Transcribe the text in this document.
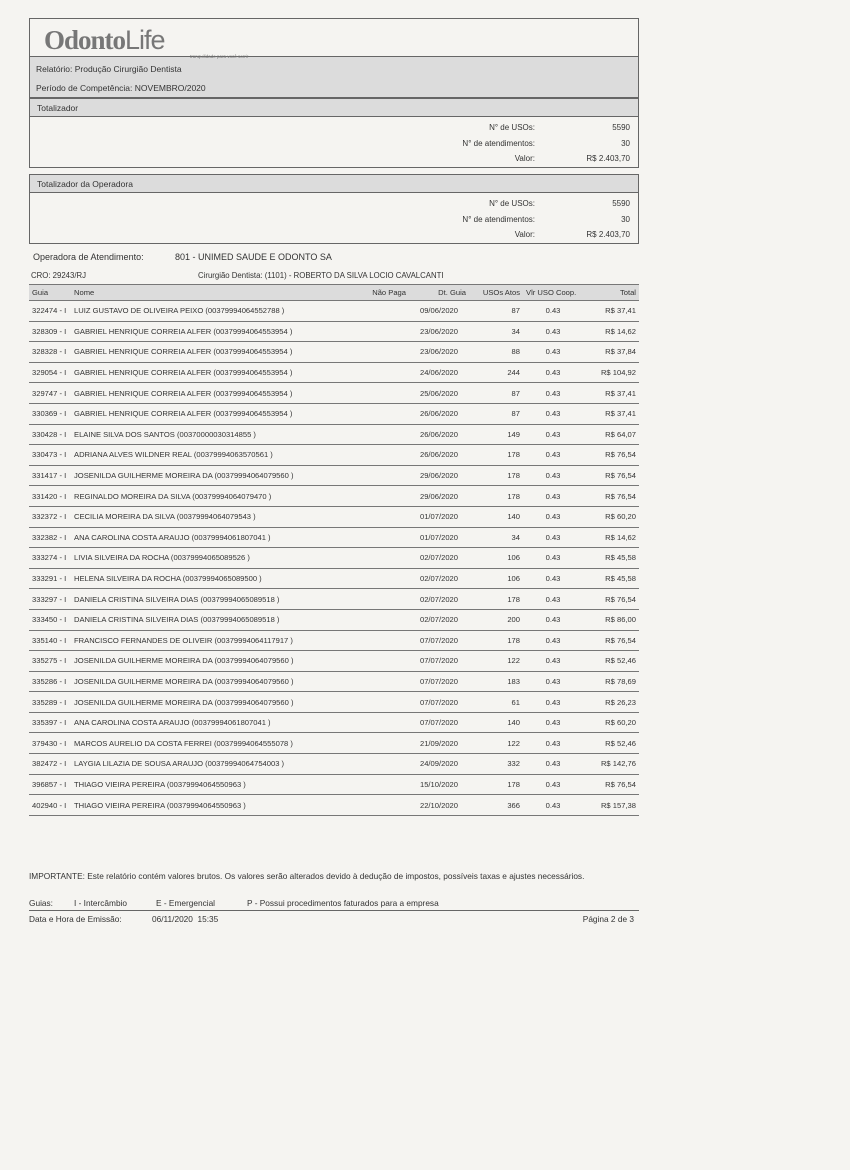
OdontoLife
tranquilidade para você sorrir
Relatório: Produção Cirurgião Dentista
Período de Competência: NOVEMBRO/2020
Totalizador
N° de USOs:	5590
N° de atendimentos:	30
Valor:	R$ 2.403,70
Totalizador da Operadora
N° de USOs:	5590
N° de atendimentos:	30
Valor:	R$ 2.403,70
Operadora de Atendimento:	801 - UNIMED SAUDE E ODONTO SA
CRO: 29243/RJ	Cirurgião Dentista: (1101) - ROBERTO DA SILVA LOCIO CAVALCANTI
Guia	Nome	Não Paga	Dt. Guia	USOs Atos	Vlr USO Coop.	Total
322474 - I	LUIZ GUSTAVO DE OLIVEIRA PEIXO (00379994064552788 )		09/06/2020	87	0.43	R$ 37,41
328309 - I	GABRIEL HENRIQUE CORREIA ALFER (00379994064553954 )		23/06/2020	34	0.43	R$ 14,62
328328 - I	GABRIEL HENRIQUE CORREIA ALFER (00379994064553954 )		23/06/2020	88	0.43	R$ 37,84
329054 - I	GABRIEL HENRIQUE CORREIA ALFER (00379994064553954 )		24/06/2020	244	0.43	R$ 104,92
329747 - I	GABRIEL HENRIQUE CORREIA ALFER (00379994064553954 )		25/06/2020	87	0.43	R$ 37,41
330369 - I	GABRIEL HENRIQUE CORREIA ALFER (00379994064553954 )		26/06/2020	87	0.43	R$ 37,41
330428 - I	ELAINE SILVA DOS SANTOS (00370000030314855 )		26/06/2020	149	0.43	R$ 64,07
330473 - I	ADRIANA ALVES WILDNER REAL (00379994063570561 )		26/06/2020	178	0.43	R$ 76,54
331417 - I	JOSENILDA GUILHERME MOREIRA DA (00379994064079560 )		29/06/2020	178	0.43	R$ 76,54
331420 - I	REGINALDO MOREIRA DA SILVA (00379994064079470 )		29/06/2020	178	0.43	R$ 76,54
332372 - I	CECILIA MOREIRA DA SILVA (00379994064079543 )		01/07/2020	140	0.43	R$ 60,20
332382 - I	ANA CAROLINA COSTA ARAUJO (00379994061807041 )		01/07/2020	34	0.43	R$ 14,62
333274 - I	LIVIA SILVEIRA DA ROCHA (00379994065089526 )		02/07/2020	106	0.43	R$ 45,58
333291 - I	HELENA SILVEIRA DA ROCHA (00379994065089500 )		02/07/2020	106	0.43	R$ 45,58
333297 - I	DANIELA CRISTINA SILVEIRA DIAS (00379994065089518 )		02/07/2020	178	0.43	R$ 76,54
333450 - I	DANIELA CRISTINA SILVEIRA DIAS (00379994065089518 )		02/07/2020	200	0.43	R$ 86,00
335140 - I	FRANCISCO FERNANDES DE OLIVEIR (00379994064117917 )		07/07/2020	178	0.43	R$ 76,54
335275 - I	JOSENILDA GUILHERME MOREIRA DA (00379994064079560 )		07/07/2020	122	0.43	R$ 52,46
335286 - I	JOSENILDA GUILHERME MOREIRA DA (00379994064079560 )		07/07/2020	183	0.43	R$ 78,69
335289 - I	JOSENILDA GUILHERME MOREIRA DA (00379994064079560 )		07/07/2020	61	0.43	R$ 26,23
335397 - I	ANA CAROLINA COSTA ARAUJO (00379994061807041 )		07/07/2020	140	0.43	R$ 60,20
379430 - I	MARCOS AURELIO DA COSTA FERREI (00379994064555078 )		21/09/2020	122	0.43	R$ 52,46
382472 - I	LAYGIA LILAZIA DE SOUSA ARAUJO (00379994064754003 )		24/09/2020	332	0.43	R$ 142,76
396857 - I	THIAGO VIEIRA PEREIRA (00379994064550963 )		15/10/2020	178	0.43	R$ 76,54
402940 - I	THIAGO VIEIRA PEREIRA (00379994064550963 )		22/10/2020	366	0.43	R$ 157,38
IMPORTANTE: Este relatório contém valores brutos. Os valores serão alterados devido à dedução de impostos, possíveis taxas e ajustes necessários.
Guias:	I - Intercâmbio	E - Emergencial	P - Possui procedimentos faturados para a empresa
Data e Hora de Emissão:	06/11/2020  15:35	Página 2 de 3
